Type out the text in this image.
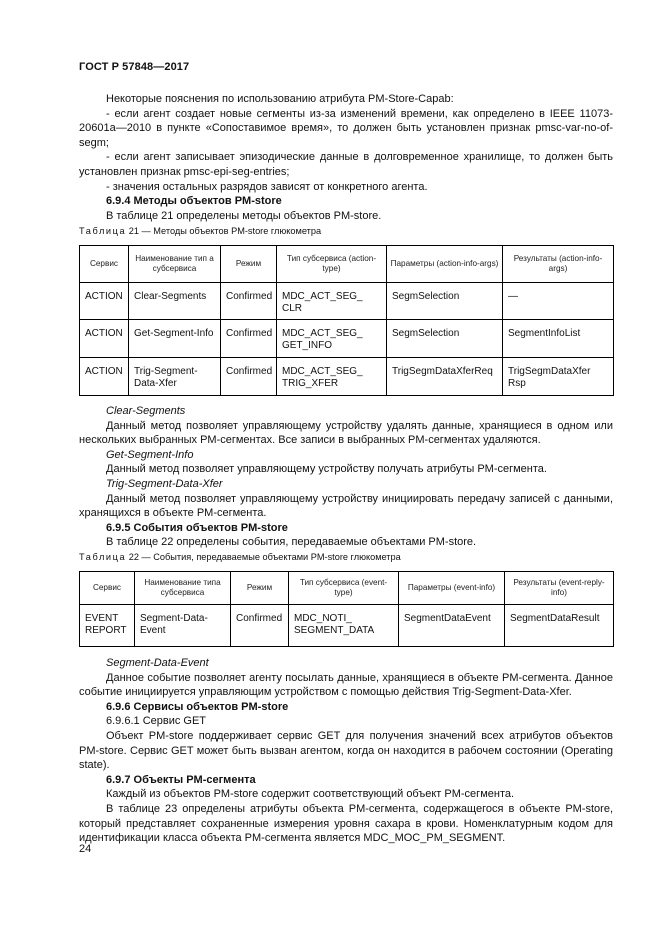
ГОСТ Р 57848—2017

Некоторые пояснения по использованию атрибута PM-Store-Capab:

- если агент создает новые сегменты из-за изменений времени, как определено в IEEE 11073-20601a—2010 в пункте «Сопоставимое время», то должен быть установлен признак pmsc-var-no-of-segm;

- если агент записывает эпизодические данные в долговременное хранилище, то должен быть установлен признак pmsc-epi-seg-entries;

- значения остальных разрядов зависят от конкретного агента.

6.9.4 Методы объектов PM-store

В таблице 21 определены методы объектов PM-store.

Таблица 21 — Методы объектов PM-store глюкометра
Сервис	Наименование тип а субсервиса	Режим	Тип субсервиса (action-type)	Параметры (action-info-args)	Результаты (action-info-args)
ACTION	Clear-Segments	Confirmed	MDC_ACT_SEG_ CLR	SegmSelection	—
ACTION	Get-Segment-Info	Confirmed	MDC_ACT_SEG_ GET_INFO	SegmSelection	SegmentInfoList
ACTION	Trig-Segment-Data-Xfer	Confirmed	MDC_ACT_SEG_ TRIG_XFER	TrigSegmDataXferReq	TrigSegmDataXfer Rsp

Clear-Segments

Данный метод позволяет управляющему устройству удалять данные, хранящиеся в одном или нескольких выбранных PM-сегментах. Все записи в выбранных PM-сегментах удаляются.

Get-Segment-Info

Данный метод позволяет управляющему устройству получать атрибуты PM-сегмента.

Trig-Segment-Data-Xfer

Данный метод позволяет управляющему устройству инициировать передачу записей с данными, хранящихся в объекте PM-сегмента.

6.9.5 События объектов PM-store

В таблице 22 определены события, передаваемые объектами PM-store.

Таблица 22 — События, передаваемые объектами PM-store глюкометра
Сервис	Наименование типа субсервиса	Режим	Тип субсервиса (event-type)	Параметры (event-info)	Результаты (event-reply-info)
EVENT REPORT	Segment-Data-Event	Confirmed	MDC_NOTI_ SEGMENT_DATA	SegmentDataEvent	SegmentDataResult

Segment-Data-Event

Данное событие позволяет агенту посылать данные, хранящиеся в объекте PM-сегмента. Данное событие инициируется управляющим устройством с помощью действия Trig-Segment-Data-Xfer.

6.9.6 Сервисы объектов PM-store

6.9.6.1 Сервис GET

Объект PM-store поддерживает сервис GET для получения значений всех атрибутов объектов PM-store. Сервис GET может быть вызван агентом, когда он находится в рабочем состоянии (Operating state).

6.9.7 Объекты PM-сегмента

Каждый из объектов PM-store содержит соответствующий объект PM-сегмента.

В таблице 23 определены атрибуты объекта PM-сегмента, содержащегося в объекте PM-store, который представляет сохраненные измерения уровня сахара в крови. Номенклатурным кодом для идентификации класса объекта PM-сегмента является MDC_MOC_PM_SEGMENT.

24
